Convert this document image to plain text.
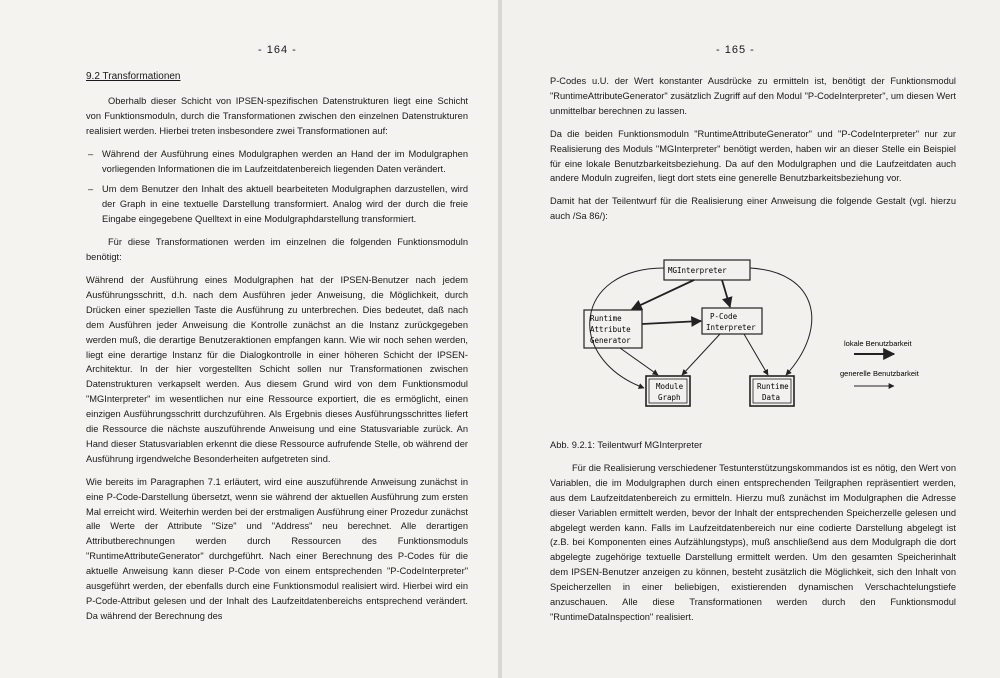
- 164 -
9.2 Transformationen

Oberhalb dieser Schicht von IPSEN-spezifischen Datenstrukturen liegt eine Schicht von Funktionsmoduln, durch die Transformationen zwischen den einzelnen Datenstrukturen realisiert werden. Hierbei treten insbesondere zwei Transformationen auf:

– Während der Ausführung eines Modulgraphen werden an Hand der im Modulgraphen vorliegenden Informationen die im Laufzeitdatenbereich liegenden Daten verändert.
– Um dem Benutzer den Inhalt des aktuell bearbeiteten Modulgraphen darzustellen, wird der Graph in eine textuelle Darstellung transformiert. Analog wird der durch die freie Eingabe eingegebene Quelltext in eine Modulgraphdarstellung transformiert.

Für diese Transformationen werden im einzelnen die folgenden Funktionsmoduln benötigt:

Während der Ausführung eines Modulgraphen hat der IPSEN-Benutzer nach jedem Ausführungsschritt, d.h. nach dem Ausführen jeder Anweisung, die Möglichkeit, durch Drücken einer speziellen Taste die Ausführung zu unterbrechen. Dies bedeutet, daß nach dem Ausführen jeder Anweisung die Kontrolle zunächst an die Instanz zurückgegeben werden muß, die derartige Benutzeraktionen empfangen kann. Wie wir noch sehen werden, liegt eine derartige Instanz für die Dialogkontrolle in einer höheren Schicht der IPSEN-Architektur. In der hier vorgestellten Schicht sollen nur Transformationen zwischen Datenstrukturen verkapselt werden. Aus diesem Grund wird von dem Funktionsmodul "MGInterpreter" im wesentlichen nur eine Ressource exportiert, die es ermöglicht, einen einzigen Ausführungsschritt durchzuführen. Als Ergebnis dieses Ausführungsschrittes liefert die Ressource die nächste auszuführende Anweisung und eine Statusvariable zurück. An Hand dieser Statusvariablen erkennt die diese Ressource aufrufende Stelle, ob während der Ausführung irgendwelche Besonderheiten aufgetreten sind.

Wie bereits im Paragraphen 7.1 erläutert, wird eine auszuführende Anweisung zunächst in eine P-Code-Darstellung übersetzt, wenn sie während der aktuellen Ausführung zum ersten Mal erreicht wird. Weiterhin werden bei der erstmaligen Ausführung einer Prozedur zunächst alle Werte der Attribute "Size" und "Address" neu berechnet. Alle derartigen Attributberechnungen werden durch Ressourcen des Funktionsmoduls "RuntimeAttributeGenerator" durchgeführt. Nach einer Berechnung des P-Codes für die aktuelle Anweisung kann dieser P-Code von einem entsprechenden "P-CodeInterpreter" ausgeführt werden, der ebenfalls durch eine Funktionsmodul realisiert wird. Hierbei wird ein P-Code-Attribut gelesen und der Inhalt des Laufzeitdatenbereichs entsprechend verändert. Da während der Berechnung des

- 165 -

P-Codes u.U. der Wert konstanter Ausdrücke zu ermitteln ist, benötigt der Funktionsmodul "RuntimeAttributeGenerator" zusätzlich Zugriff auf den Modul "P-CodeInterpreter", um diesen Wert unmittelbar berechnen zu lassen.

Da die beiden Funktionsmoduln "RuntimeAttributeGenerator" und "P-CodeInterpreter" nur zur Realisierung des Moduls "MGInterpreter" benötigt werden, haben wir an dieser Stelle ein Beispiel für eine lokale Benutzbarkeitsbeziehung. Da auf den Modulgraphen und die Laufzeitdaten auch andere Moduln zugreifen, liegt dort stets eine generelle Benutzbarkeitsbeziehung vor.

Damit hat der Teilentwurf für die Realisierung einer Anweisung die folgende Gestalt (vgl. hierzu auch /Sa 86/):

MGInterpreter
Runtime
Attribute
Generator
P-Code
Interpreter
Module
Graph
Runtime
Data
lokale Benutzbarkeit
generelle Benutzbarkeit

Abb. 9.2.1: Teilentwurf MGInterpreter

Für die Realisierung verschiedener Testunterstützungskommandos ist es nötig, den Wert von Variablen, die im Modulgraphen durch einen entsprechenden Teilgraphen repräsentiert werden, aus dem Laufzeitdatenbereich zu ermitteln. Hierzu muß zunächst im Modulgraphen die Adresse dieser Variablen ermittelt werden, bevor der Inhalt der entsprechenden Speicherzelle gelesen und abgelegt werden kann. Falls im Laufzeitdatenbereich nur eine codierte Darstellung abgelegt ist (z.B. bei Komponenten eines Aufzählungstyps), muß anschließend aus dem Modulgraph die dort abgelegte zugehörige textuelle Darstellung ermittelt werden. Um den gesamten Speicherinhalt dem IPSEN-Benutzer anzeigen zu können, besteht zusätzlich die Möglichkeit, sich den Inhalt von Speicherzellen in einer beliebigen, existierenden dynamischen Verschachtelungstiefe anzuschauen. Alle diese Transformationen werden durch den Funktionsmodul "RuntimeDataInspection" realisiert.
